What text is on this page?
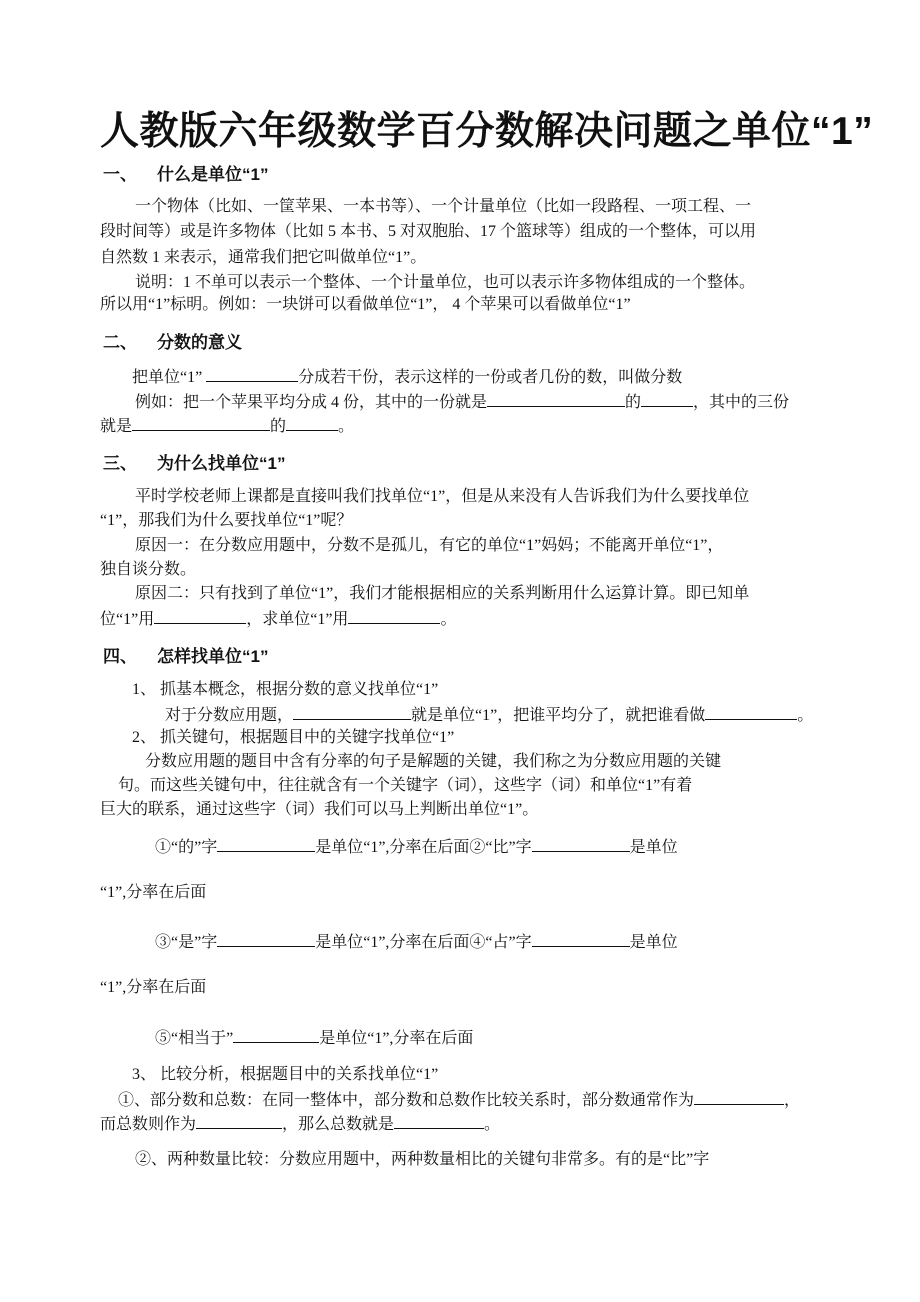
人教版六年级数学百分数解决问题之单位“1”
一、 什么是单位“1”
二、 分数的意义
三、 为什么找单位“1”
四、 怎样找单位“1”
一个物体（比如、一筐苹果、一本书等）、一个计量单位（比如一段路程、一项工程、一
段时间等）或是许多物体（比如 5 本书、5 对双胞胎、17 个篮球等）组成的一个整体，可以用
自然数 1 来表示，通常我们把它叫做单位“1”。
说明：1 不单可以表示一个整体、一个计量单位，也可以表示许多物体组成的一个整体。
所以用“1”标明。例如：一块饼可以看做单位“1”， 4 个苹果可以看做单位“1”
把单位“1”	分成若干份，表示这样的一份或者几份的数，叫做分数
例如：把一个苹果平均分成 4 份，其中的一份就是	的	，其中的三份
就是	的	。
平时学校老师上课都是直接叫我们找单位“1”，但是从来没有人告诉我们为什么要找单位
“1”，那我们为什么要找单位“1”呢？
原因一：在分数应用题中，分数不是孤儿，有它的单位“1”妈妈；不能离开单位“1”，
独自谈分数。
原因二：只有找到了单位“1”，我们才能根据相应的关系判断用什么运算计算。即已知单
位“1”用	，求单位“1”用	。
1、 抓基本概念，根据分数的意义找单位“1”
对于分数应用题，	就是单位“1”，把谁平均分了，就把谁看做	。
2、 抓关键句，根据题目中的关键字找单位“1”
分数应用题的题目中含有分率的句子是解题的关键，我们称之为分数应用题的关键
句。而这些关键句中，往往就含有一个关键字（词），这些字（词）和单位“1”有着
巨大的联系，通过这些字（词）我们可以马上判断出单位“1”。
①“的”字	是单位“1”,分率在后面②“比”字	是单位
“1”,分率在后面
③“是”字	是单位“1”,分率在后面④“占”字	是单位
“1”,分率在后面
⑤“相当于”	是单位“1”,分率在后面
3、 比较分析，根据题目中的关系找单位“1”
①、部分数和总数：在同一整体中，部分数和总数作比较关系时，部分数通常作为	，
而总数则作为	，那么总数就是	。
②、两种数量比较：分数应用题中，两种数量相比的关键句非常多。有的是“比”字
